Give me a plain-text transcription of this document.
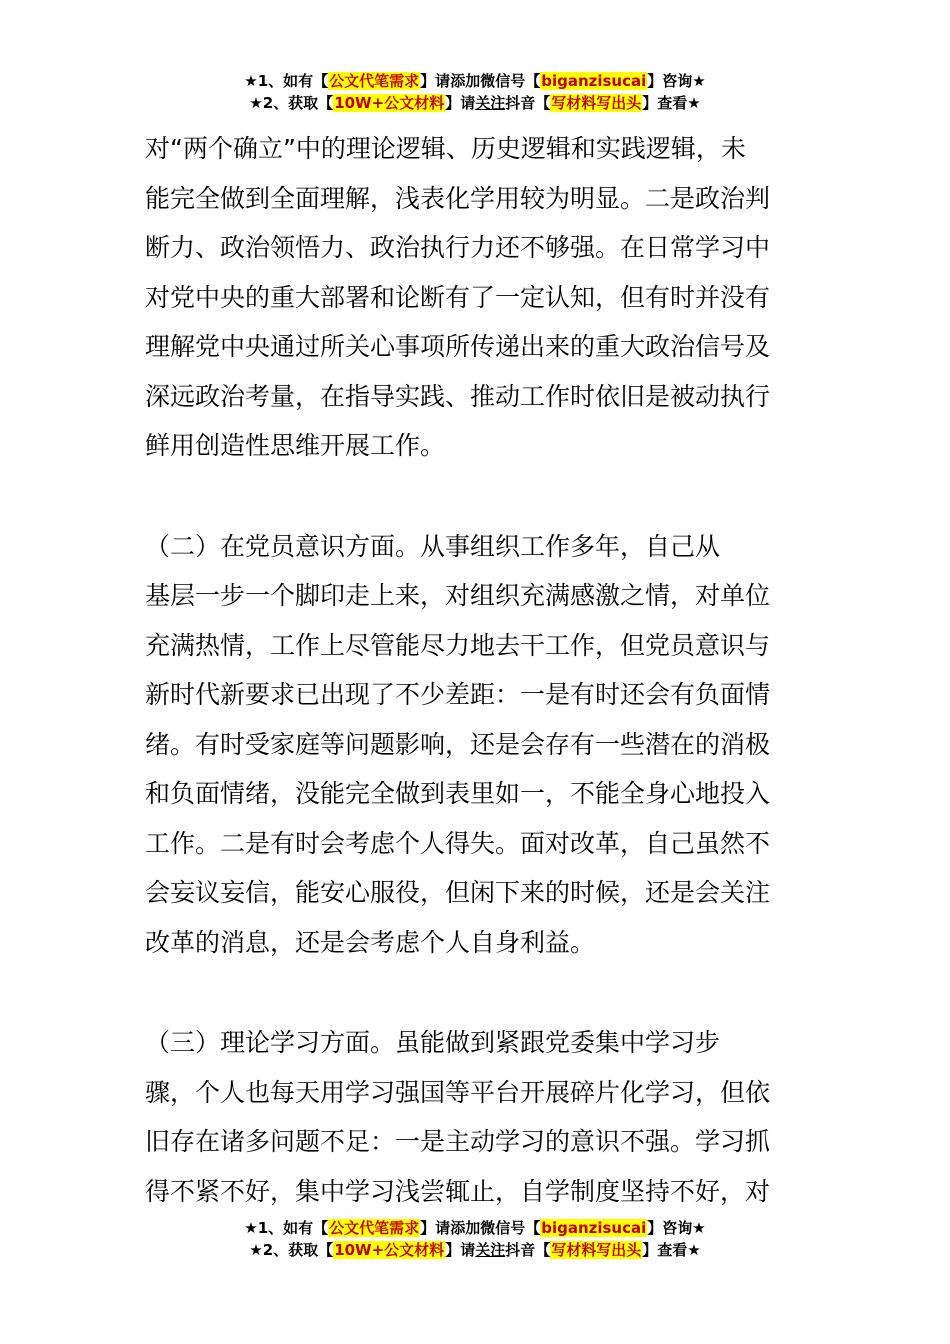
★1、如有【公文代笔需求】请添加微信号【biganzisucai】咨询★
★2、获取【10W+公文材料】请关注抖音【写材料写出头】查看★
对“两个确立”中的理论逻辑、历史逻辑和实践逻辑，未
能完全做到全面理解，浅表化学用较为明显。二是政治判
断力、政治领悟力、政治执行力还不够强。在日常学习中
对党中央的重大部署和论断有了一定认知，但有时并没有
理解党中央通过所关心事项所传递出来的重大政治信号及
深远政治考量，在指导实践、推动工作时依旧是被动执行
鲜用创造性思维开展工作。
（二）在党员意识方面。从事组织工作多年，自己从
基层一步一个脚印走上来，对组织充满感激之情，对单位
充满热情，工作上尽管能尽力地去干工作，但党员意识与
新时代新要求已出现了不少差距：一是有时还会有负面情
绪。有时受家庭等问题影响，还是会存有一些潜在的消极
和负面情绪，没能完全做到表里如一，不能全身心地投入
工作。二是有时会考虑个人得失。面对改革，自己虽然不
会妄议妄信，能安心服役，但闲下来的时候，还是会关注
改革的消息，还是会考虑个人自身利益。
（三）理论学习方面。虽能做到紧跟党委集中学习步
骤，个人也每天用学习强国等平台开展碎片化学习，但依
旧存在诸多问题不足：一是主动学习的意识不强。学习抓
得不紧不好，集中学习浅尝辄止，自学制度坚持不好，对
★1、如有【公文代笔需求】请添加微信号【biganzisucai】咨询★
★2、获取【10W+公文材料】请关注抖音【写材料写出头】查看★
